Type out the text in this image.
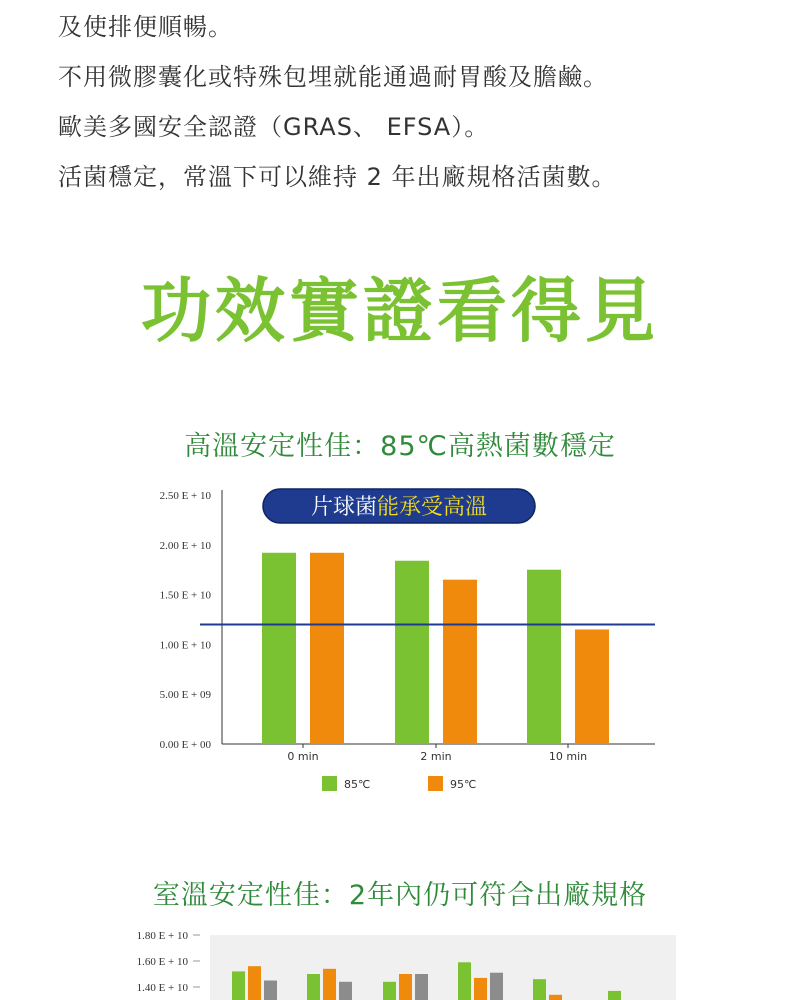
及使排便順暢。
不用微膠囊化或特殊包埋就能通過耐胃酸及膽鹼。
歐美多國安全認證（GRAS、 EFSA）。
活菌穩定，常溫下可以維持 2 年出廠規格活菌數。
功效實證看得見
高溫安定性佳：85℃高熱菌數穩定
0.00 E + 00
5.00 E + 09
1.00 E + 10
1.50 E + 10
2.00 E + 10
2.50 E + 10
0 min	2 min	10 min
片球菌能承受高溫
85℃	95℃
室溫安定性佳：2年內仍可符合出廠規格
1.80 E + 10
1.60 E + 10
1.40 E + 10
